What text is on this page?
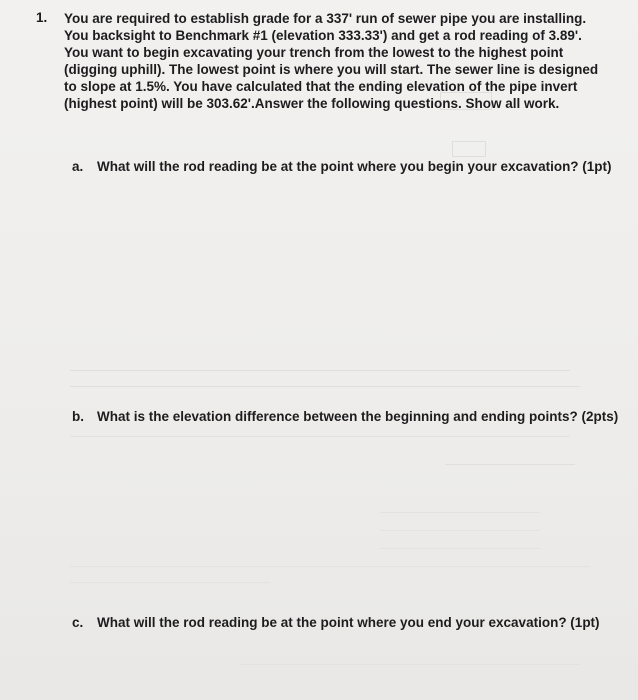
1. You are required to establish grade for a 337' run of sewer pipe you are installing. You backsight to Benchmark #1 (elevation 333.33') and get a rod reading of 3.89'. You want to begin excavating your trench from the lowest to the highest point (digging uphill). The lowest point is where you will start. The sewer line is designed to slope at 1.5%. You have calculated that the ending elevation of the pipe invert (highest point) will be 303.62'.Answer the following questions. Show all work.
a. What will the rod reading be at the point where you begin your excavation? (1pt)
b. What is the elevation difference between the beginning and ending points? (2pts)
c. What will the rod reading be at the point where you end your excavation? (1pt)
